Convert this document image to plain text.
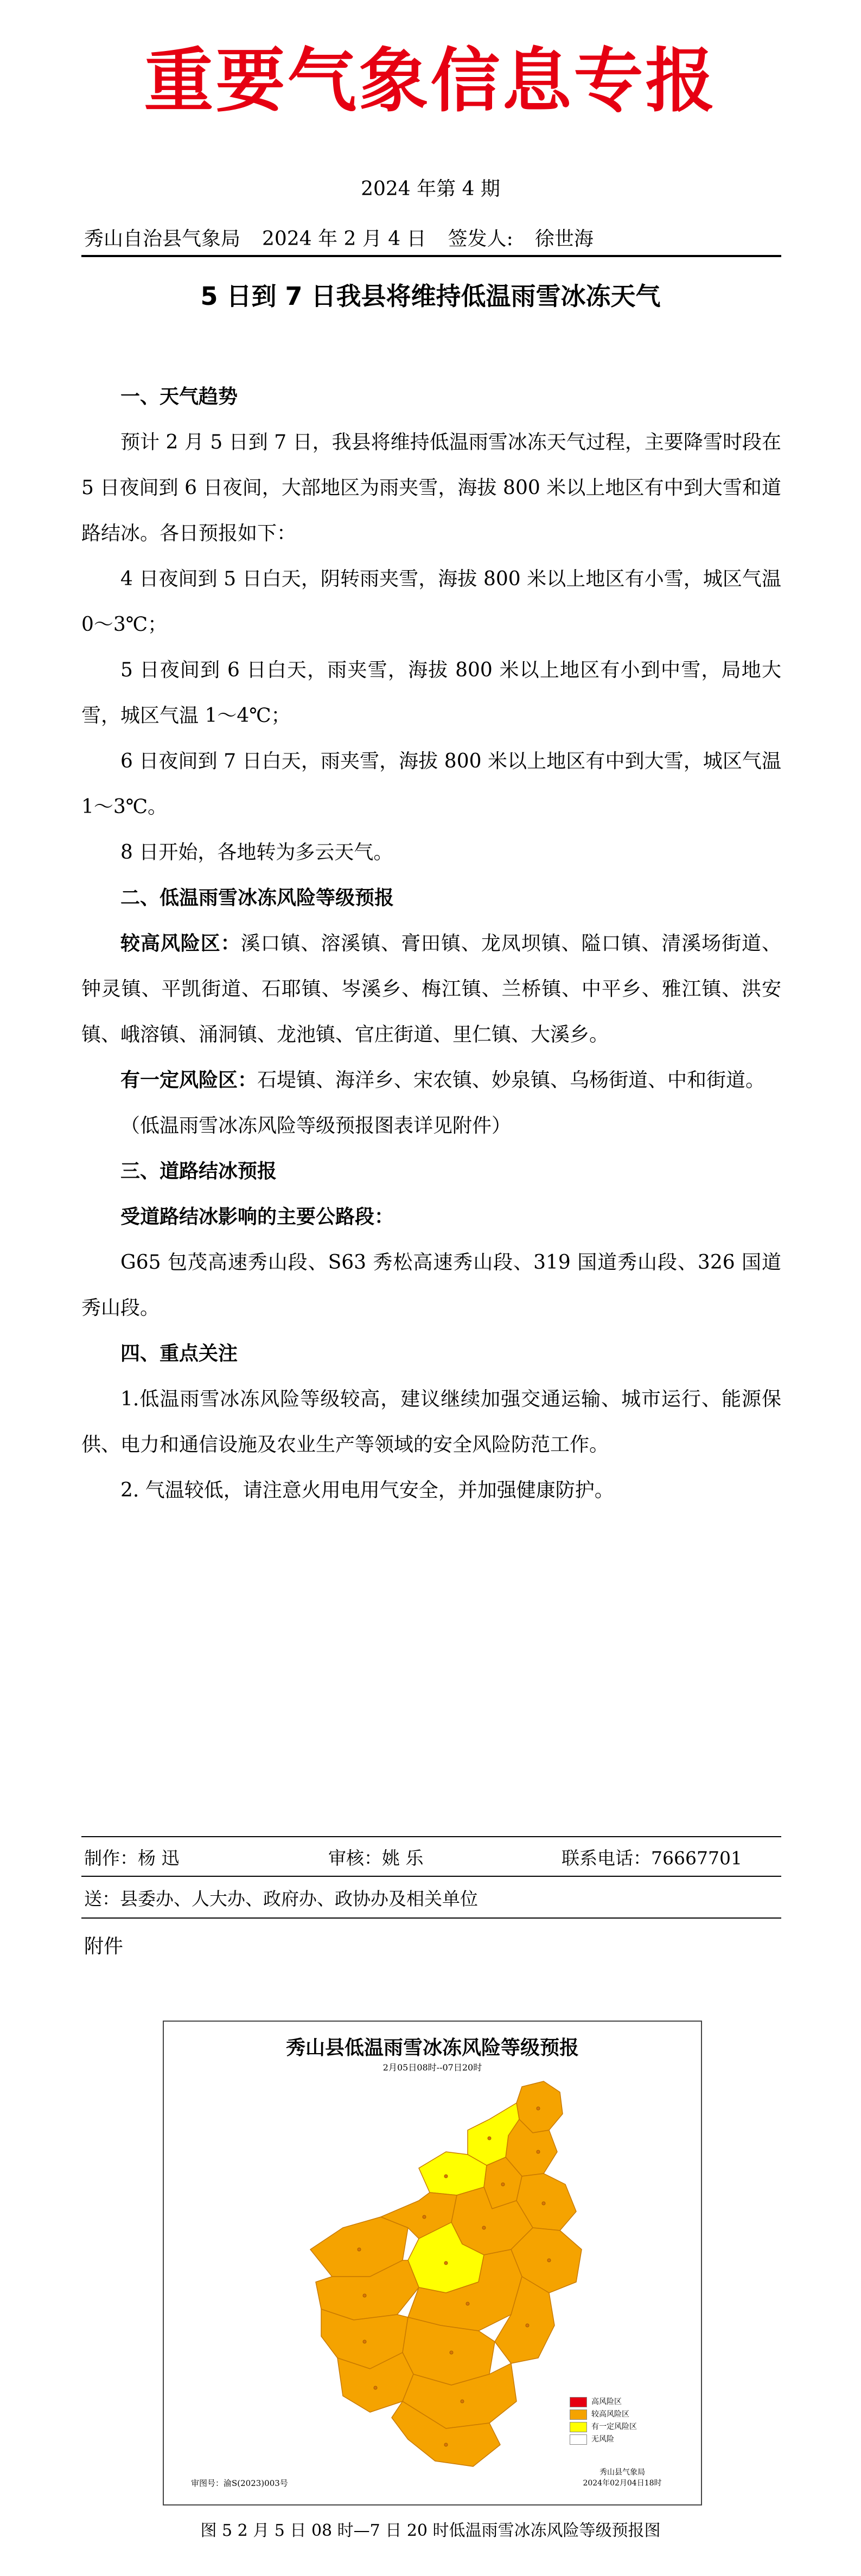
重要气象信息专报
2024 年第 4 期
秀山自治县气象局 2024 年 2 月 4 日 签发人: 徐世海
5 日到 7 日我县将维持低温雨雪冰冻天气

一、天气趋势

预计 2 月 5 日到 7 日，我县将维持低温雨雪冰冻天气过程，主要降雪时段在 5 日夜间到 6 日夜间，大部地区为雨夹雪，海拔 800 米以上地区有中到大雪和道路结冰。各日预报如下：

4 日夜间到 5 日白天，阴转雨夹雪，海拔 800 米以上地区有小雪，城区气温 0～3℃；

5 日夜间到 6 日白天，雨夹雪，海拔 800 米以上地区有小到中雪，局地大雪，城区气温 1～4℃；

6 日夜间到 7 日白天，雨夹雪，海拔 800 米以上地区有中到大雪，城区气温 1～3℃。

8 日开始，各地转为多云天气。

二、低温雨雪冰冻风险等级预报

较高风险区：溪口镇、溶溪镇、膏田镇、龙凤坝镇、隘口镇、清溪场街道、钟灵镇、平凯街道、石耶镇、岑溪乡、梅江镇、兰桥镇、中平乡、雅江镇、洪安镇、峨溶镇、涌洞镇、龙池镇、官庄街道、里仁镇、大溪乡。

有一定风险区：石堤镇、海洋乡、宋农镇、妙泉镇、乌杨街道、中和街道。

（低温雨雪冰冻风险等级预报图表详见附件）

三、道路结冰预报

受道路结冰影响的主要公路段：

G65 包茂高速秀山段、S63 秀松高速秀山段、319 国道秀山段、326 国道秀山段。

四、重点关注

1.低温雨雪冰冻风险等级较高，建议继续加强交通运输、城市运行、能源保供、电力和通信设施及农业生产等领域的安全风险防范工作。

2. 气温较低，请注意火用电用气安全，并加强健康防护。

制作：杨 迅	审核：姚 乐	联系电话：76667701
送：县委办、人大办、政府办、政协办及相关单位
附件
秀山县低温雨雪冰冻风险等级预报
2月05日08时--07日20时
高风险区
较高风险区
有一定风险区
无风险
审图号：渝S(2023)003号
秀山县气象局
2024年02月04日18时
图 5 2 月 5 日 08 时—7 日 20 时低温雨雪冰冻风险等级预报图
